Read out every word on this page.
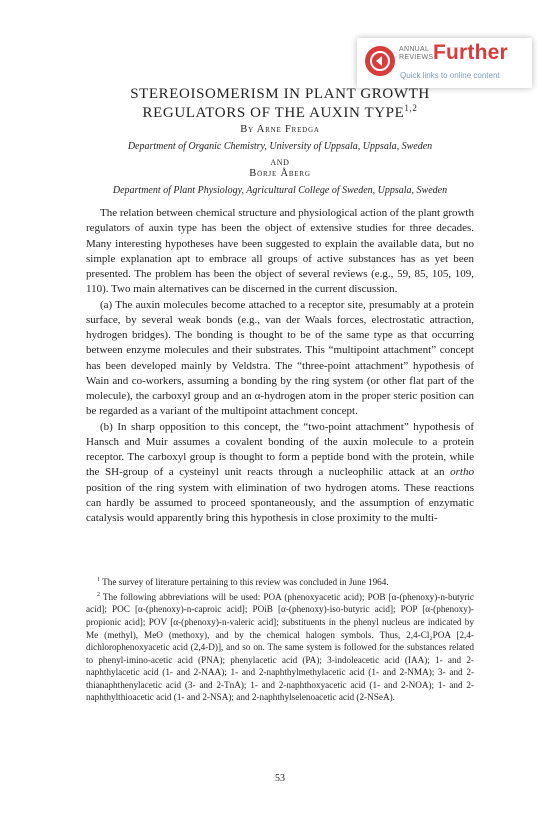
ANNUAL
REVIEWS Further
Quick links to online content
STEREOISOMERISM IN PLANT GROWTH
REGULATORS OF THE AUXIN TYPE$^{1,2}$
By Arne Fredga
Department of Organic Chemistry, University of Uppsala, Uppsala, Sweden
AND
Börje Åberg
Department of Plant Physiology, Agricultural College of Sweden, Uppsala, Sweden

The relation between chemical structure and physiological action of the plant growth regulators of auxin type has been the object of extensive studies for three decades. Many interesting hypotheses have been suggested to explain the available data, but no simple explanation apt to embrace all groups of active substances has as yet been presented. The problem has been the object of several reviews (e.g., 59, 85, 105, 109, 110). Two main alternatives can be discerned in the current discussion.

(a) The auxin molecules become attached to a receptor site, presumably at a protein surface, by several weak bonds (e.g., van der Waals forces, electrostatic attraction, hydrogen bridges). The bonding is thought to be of the same type as that occurring between enzyme molecules and their substrates. This “multipoint attachment” concept has been developed mainly by Veldstra. The “three-point attachment” hypothesis of Wain and co-workers, assuming a bonding by the ring system (or other flat part of the molecule), the carboxyl group and an α-hydrogen atom in the proper steric position can be regarded as a variant of the multipoint attachment concept.

(b) In sharp opposition to this concept, the “two-point attachment” hypothesis of Hansch and Muir assumes a covalent bonding of the auxin molecule to a protein receptor. The carboxyl group is thought to form a peptide bond with the protein, while the SH-group of a cysteinyl unit reacts through a nucleophilic attack at an ortho position of the ring system with elimination of two hydrogen atoms. These reactions can hardly be assumed to proceed spontaneously, and the assumption of enzymatic catalysis would apparently bring this hypothesis in close proximity to the multi-

$^1$ The survey of literature pertaining to this review was concluded in June 1964.

$^2$ The following abbreviations will be used: POA (phenoxyacetic acid); POB [α-(phenoxy)-n-butyric acid]; POC [α-(phenoxy)-n-caproic acid]; POiB [α-(phenoxy)-iso-butyric acid]; POP [α-(phenoxy)-propionic acid]; POV [α-(phenoxy)-n-valeric acid]; substituents in the phenyl nucleus are indicated by Me (methyl), MeO (methoxy), and by the chemical halogen symbols. Thus, 2,4-Cl₂POA [2,4-dichlorophenoxyacetic acid (2,4-D)], and so on. The same system is followed for the substances related to phenyl-imino-acetic acid (PNA); phenylacetic acid (PA); 3-indoleacetic acid (IAA); 1- and 2-naphthylacetic acid (1- and 2-NAA); 1- and 2-naphthylmethylacetic acid (1- and 2-NMA); 3- and 2-thianaphthenylacetic acid (3- and 2-TnA); 1- and 2-naphthoxyacetic acid (1- and 2-NOA); 1- and 2-naphthylthioacetic acid (1- and 2-NSA); and 2-naphthylselenoacetic acid (2-NSeA).

53
